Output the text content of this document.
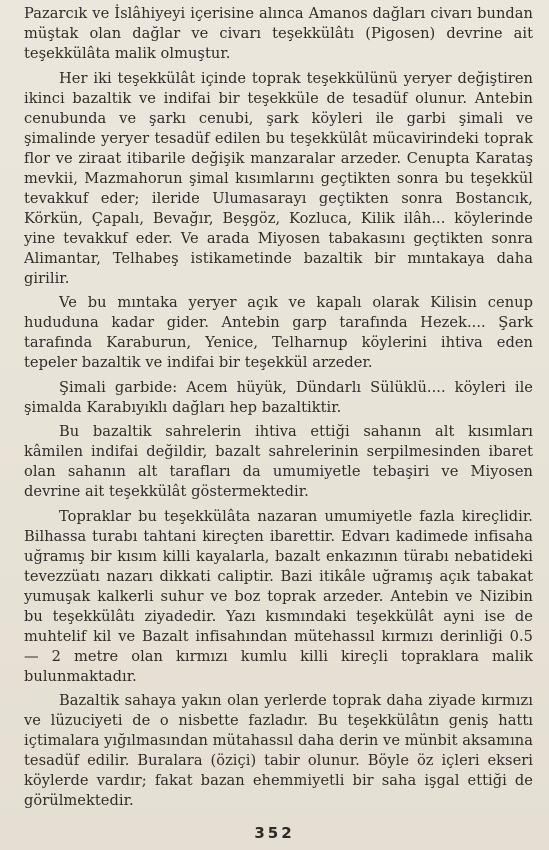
Pazarcık ve İslâhiyeyi içerisine alınca Amanos dağları civarı bundan müştak olan dağlar ve civarı teşekkülâtı (Pigosen) devrine ait teşekkülâta malik olmuştur.

Her iki teşekkülât içinde toprak teşekkülünü yeryer değiştiren ikinci bazaltik ve indifai bir teşekküle de tesadüf olunur. Antebin cenubunda ve şarkı cenubi, şark köyleri ile garbi şimali ve şimalinde yeryer tesadüf edilen bu teşekkülât mücavirindeki toprak flor ve ziraat itibarile değişik manzaralar arzeder. Cenupta Karataş mevkii, Mazmahorun şimal kısımlarını geçtikten sonra bu teşekkül tevakkuf eder; ileride Ulumasarayı geçtikten sonra Bostancık, Körkün, Çapalı, Bevağır, Beşgöz, Kozluca, Kilik ilâh... köylerinde yine tevakkuf eder. Ve arada Miyosen tabakasını geçtikten sonra Alimantar, Telhabeş istikametinde bazaltik bir mıntakaya daha girilir.

Ve bu mıntaka yeryer açık ve kapalı olarak Kilisin cenup hududuna kadar gider. Antebin garp tarafında Hezek.... Şark tarafında Karaburun, Yenice, Telharnup köylerini ihtiva eden tepeler bazaltik ve indifai bir teşekkül arzeder.

Şimali garbide: Acem hüyük, Dündarlı Sülüklü.... köyleri ile şimalda Karabıyıklı dağları hep bazaltiktir.

Bu bazaltik sahrelerin ihtiva ettiği sahanın alt kısımları kâmilen indifai değildir, bazalt sahrelerinin serpilmesinden ibaret olan sahanın alt tarafları da umumiyetle tebaşiri ve Miyosen devrine ait teşekkülât göstermektedir.

Topraklar bu teşekkülâta nazaran umumiyetle fazla kireçlidir. Bilhassa turabı tahtani kireçten ibarettir. Edvarı kadimede infisaha uğramış bir kısım killi kayalarla, bazalt enkazının türabı nebatideki tevezzüatı nazarı dikkati caliptir. Bazi itikâle uğramış açık tabakat yumuşak kalkerli suhur ve boz toprak arzeder. Antebin ve Nizibin bu teşekkülâtı ziyadedir. Yazı kısmındaki teşekkülât ayni ise de muhtelif kil ve Bazalt infisahından mütehassıl kırmızı derinliği 0.5 — 2 metre olan kırmızı kumlu killi kireçli topraklara malik bulunmaktadır.

Bazaltik sahaya yakın olan yerlerde toprak daha ziyade kırmızı ve lüzuciyeti de o nisbette fazladır. Bu teşekkülâtın geniş hattı içtimalara yığılmasından mütahassıl daha derin ve münbit aksamına tesadüf edilir. Buralara (öziçi) tabir olunur. Böyle öz içleri ekseri köylerde vardır; fakat bazan ehemmiyetli bir saha işgal ettiği de görülmektedir.

352
